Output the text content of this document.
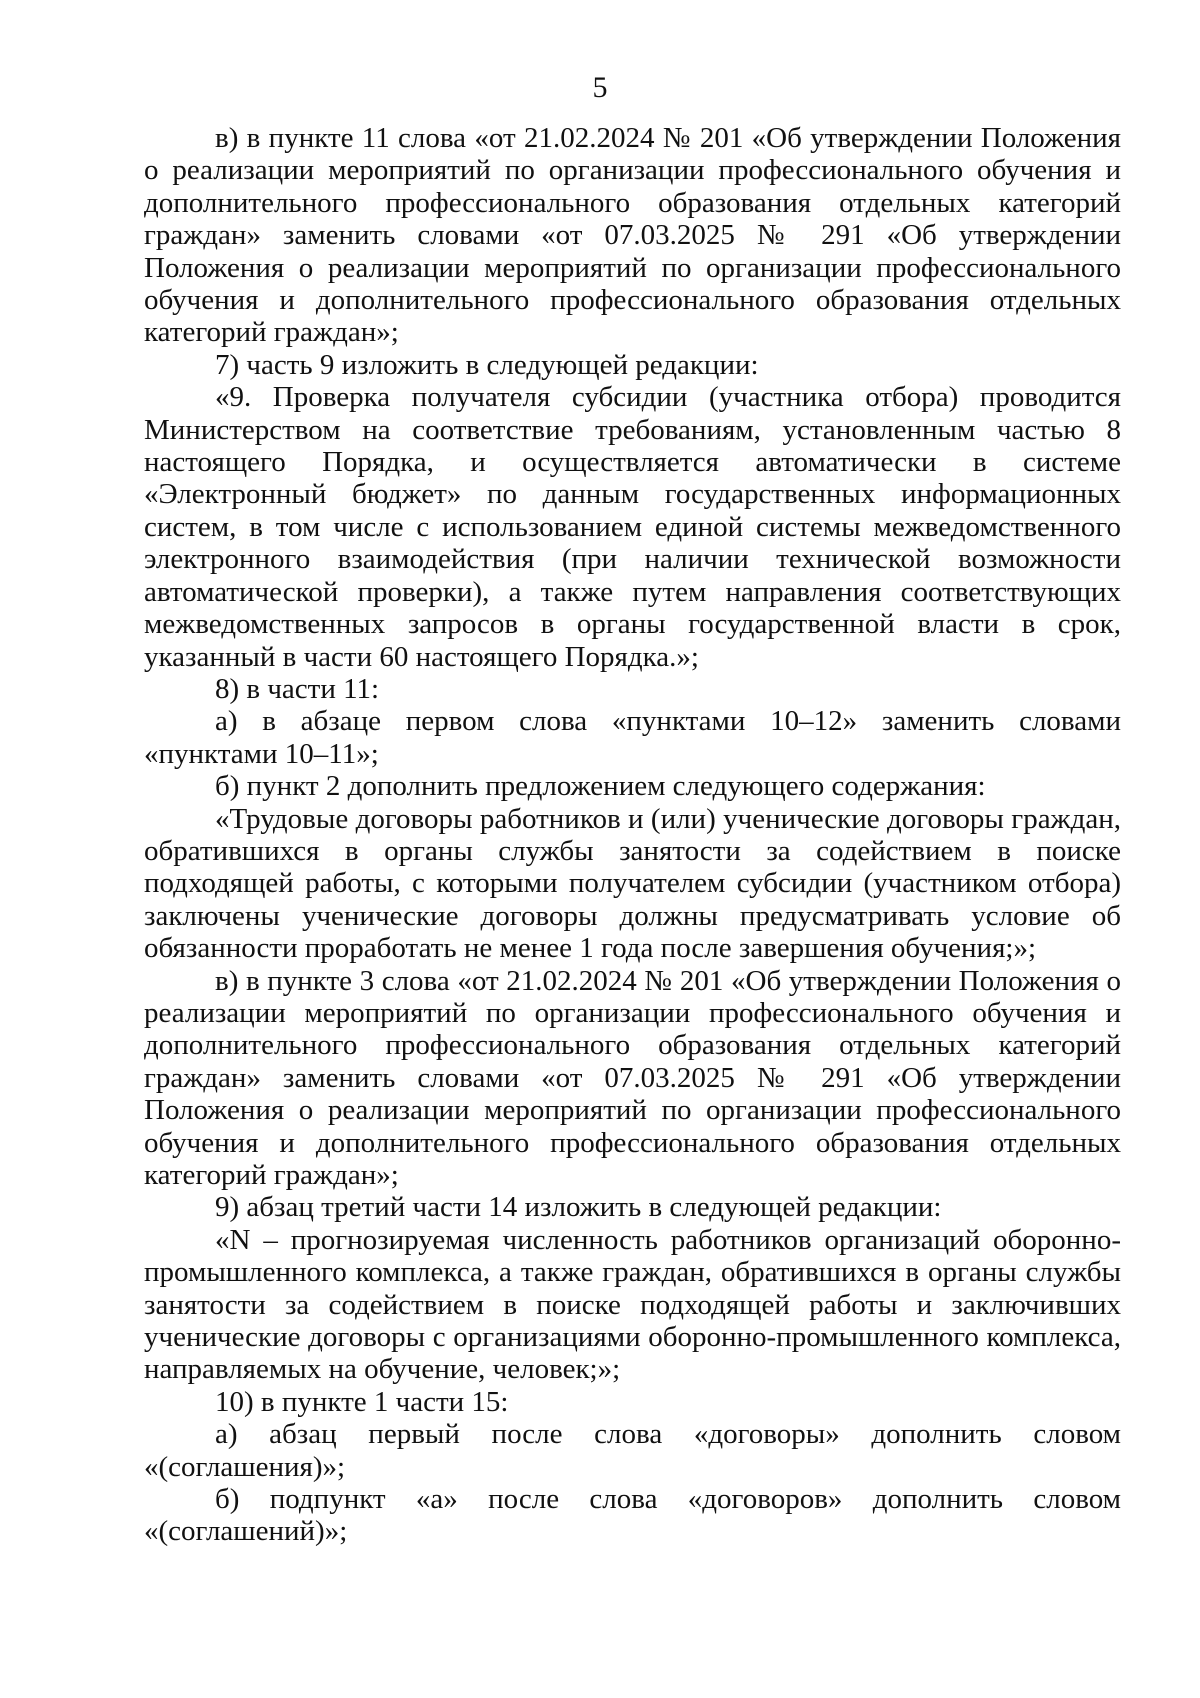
5

в) в пункте 11 слова «от 21.02.2024 № 201 «Об утверждении Положения о реализации мероприятий по организации профессионального обучения и дополнительного профессионального образования отдельных категорий граждан» заменить словами «от 07.03.2025 № 291 «Об утверждении Положения о реализации мероприятий по организации профессионального обучения и дополнительного профессионального образования отдельных категорий граждан»;

7) часть 9 изложить в следующей редакции:

«9. Проверка получателя субсидии (участника отбора) проводится Министерством на соответствие требованиям, установленным частью 8 настоящего Порядка, и осуществляется автоматически в системе «Электронный бюджет» по данным государственных информационных систем, в том числе с использованием единой системы межведомственного электронного взаимодействия (при наличии технической возможности автоматической проверки), а также путем направления соответствующих межведомственных запросов в органы государственной власти в срок, указанный в части 60 настоящего Порядка.»;

8) в части 11:

а) в абзаце первом слова «пунктами 10–12» заменить словами «пунктами 10–11»;

б) пункт 2 дополнить предложением следующего содержания:

«Трудовые договоры работников и (или) ученические договоры граждан, обратившихся в органы службы занятости за содействием в поиске подходящей работы, с которыми получателем субсидии (участником отбора) заключены ученические договоры должны предусматривать условие об обязанности проработать не менее 1 года после завершения обучения;»;

в) в пункте 3 слова «от 21.02.2024 № 201 «Об утверждении Положения о реализации мероприятий по организации профессионального обучения и дополнительного профессионального образования отдельных категорий граждан» заменить словами «от 07.03.2025 № 291 «Об утверждении Положения о реализации мероприятий по организации профессионального обучения и дополнительного профессионального образования отдельных категорий граждан»;

9) абзац третий части 14 изложить в следующей редакции:

«N – прогнозируемая численность работников организаций оборонно-промышленного комплекса, а также граждан, обратившихся в органы службы занятости за содействием в поиске подходящей работы и заключивших ученические договоры с организациями оборонно-промышленного комплекса, направляемых на обучение, человек;»;

10) в пункте 1 части 15:

а) абзац первый после слова «договоры» дополнить словом «(соглашения)»;

б) подпункт «а» после слова «договоров» дополнить словом «(соглашений)»;
